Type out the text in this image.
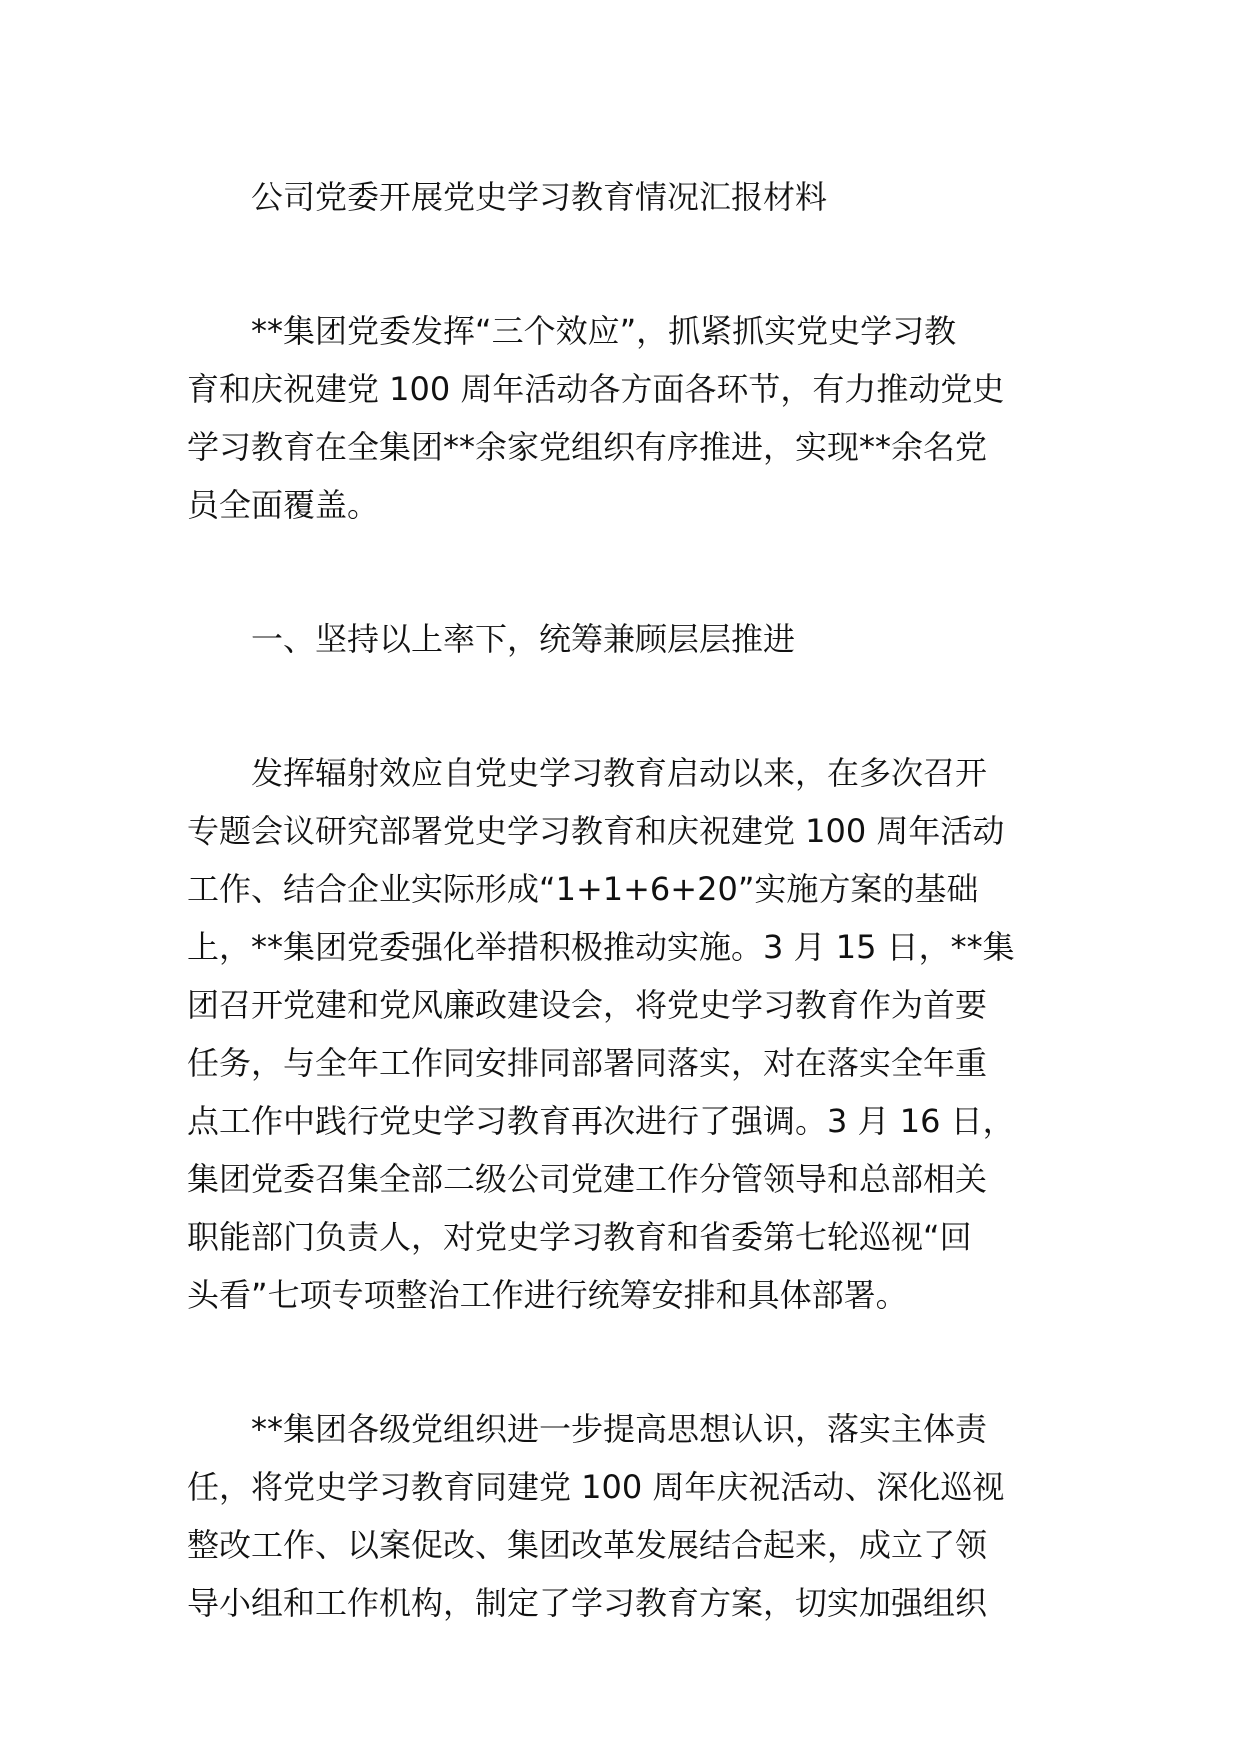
公司党委开展党史学习教育情况汇报材料
**集团党委发挥“三个效应”，抓紧抓实党史学习教
育和庆祝建党 100 周年活动各方面各环节，有力推动党史
学习教育在全集团**余家党组织有序推进，实现**余名党
员全面覆盖。
一、坚持以上率下，统筹兼顾层层推进
发挥辐射效应自党史学习教育启动以来，在多次召开
专题会议研究部署党史学习教育和庆祝建党 100 周年活动
工作、结合企业实际形成“1+1+6+20”实施方案的基础
上，**集团党委强化举措积极推动实施。3 月 15 日，**集
团召开党建和党风廉政建设会，将党史学习教育作为首要
任务，与全年工作同安排同部署同落实，对在落实全年重
点工作中践行党史学习教育再次进行了强调。3 月 16 日，
集团党委召集全部二级公司党建工作分管领导和总部相关
职能部门负责人，对党史学习教育和省委第七轮巡视“回
头看”七项专项整治工作进行统筹安排和具体部署。
**集团各级党组织进一步提高思想认识，落实主体责
任，将党史学习教育同建党 100 周年庆祝活动、深化巡视
整改工作、以案促改、集团改革发展结合起来，成立了领
导小组和工作机构，制定了学习教育方案，切实加强组织
